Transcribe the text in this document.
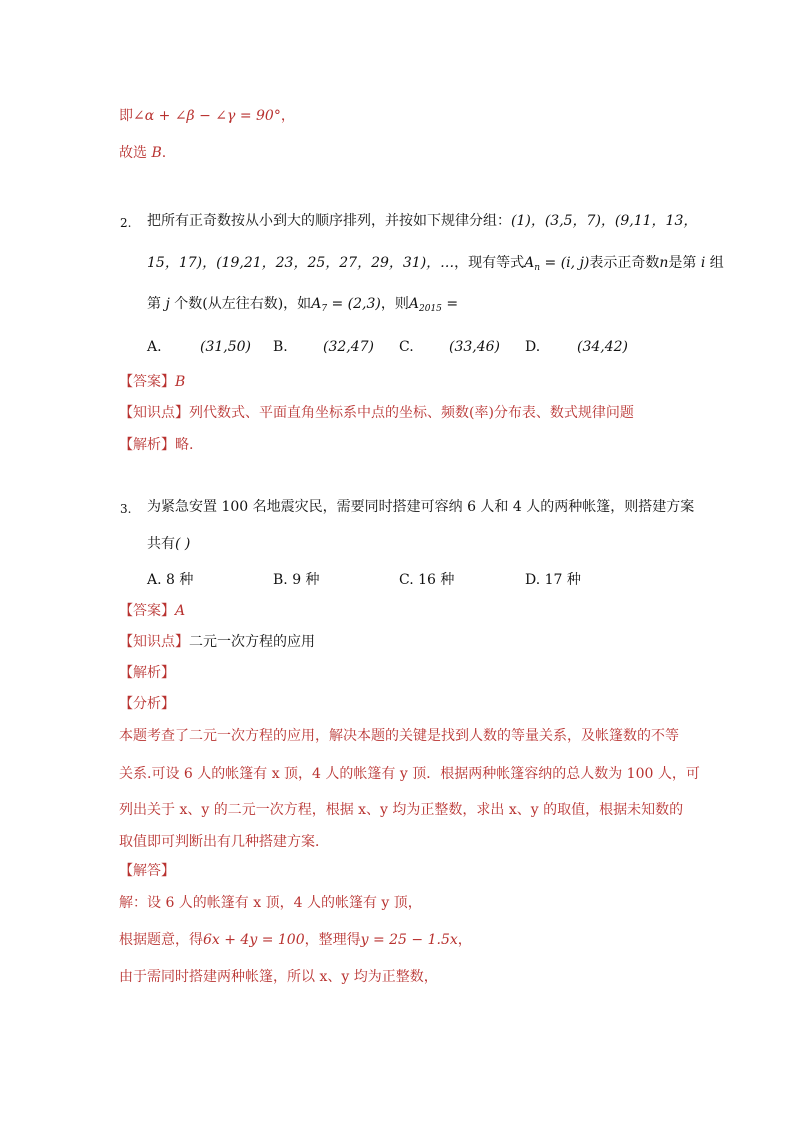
即∠α + ∠β − ∠γ = 90°，
故选 B.
2. 把所有正奇数按从小到大的顺序排列，并按如下规律分组：(1)，(3,5，7)，(9,11，13，
15，17)，(19,21，23，25，27，29，31)，…，现有等式$A_n = (i$, j)表示正奇数n是第 i 组
第 j 个数(从左往右数)，如$A_7 = (2,3)$，则$A_{2015}$ =
A.	(31,50) B.	(32,47) C.	(33,46) D.	(34,42)
【答案】B
【知识点】列代数式、平面直角坐标系中点的坐标、频数(率)分布表、数式规律问题
【解析】略.
3. 为紧急安置 100 名地震灾民，需要同时搭建可容纳 6 人和 4 人的两种帐篷，则搭建方案
共有( )
A. 8 种	B. 9 种	C. 16 种	D. 17 种
【答案】A
【知识点】二元一次方程的应用
【解析】
【分析】
本题考查了二元一次方程的应用，解决本题的关键是找到人数的等量关系，及帐篷数的不等
关系.可设 6 人的帐篷有 x 顶，4 人的帐篷有 y 顶．根据两种帐篷容纳的总人数为 100 人，可
列出关于 x、y 的二元一次方程，根据 x、y 均为正整数，求出 x、y 的取值，根据未知数的
取值即可判断出有几种搭建方案．
【解答】
解：设 6 人的帐篷有 x 顶，4 人的帐篷有 y 顶，
根据题意，得6x + 4y = 100，整理得y = 25 − 1.5x，
由于需同时搭建两种帐篷，所以 x、y 均为正整数，
